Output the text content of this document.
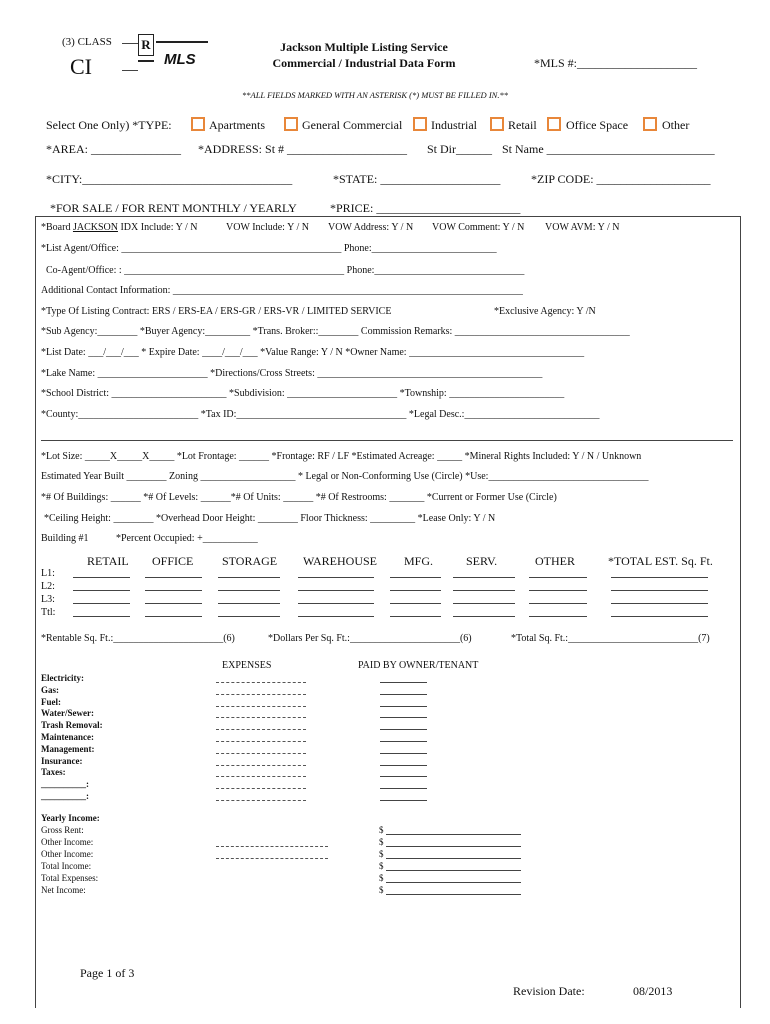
(3) CLASS
CI
R
MLS
Jackson Multiple Listing Service
Commercial / Industrial Data Form	*MLS #:____________________
**ALL FIELDS MARKED WITH AN ASTERISK (*) MUST BE FILLED IN.**
Select One Only) *TYPE:	Apartments	General Commercial Industrial	Retail Office Space	Other
*AREA: _______________ *ADDRESS: St # ____________________ St Dir______ St Name ____________________________
*CITY:___________________________________	*STATE: ____________________	*ZIP CODE: ___________________
*FOR SALE / FOR RENT MONTHLY / YEARLY	*PRICE: ________________________
*Board JACKSON IDX Include: Y / N	VOW Include: Y / N VOW Address: Y / N VOW Comment: Y / N VOW AVM: Y / N
*List Agent/Office: ____________________________________________ Phone:_________________________
Co-Agent/Office: : ____________________________________________ Phone:______________________________
Additional Contact Information: ______________________________________________________________________
*Type Of Listing Contract: ERS / ERS-EA / ERS-GR / ERS-VR / LIMITED SERVICE	*Exclusive Agency: Y /N
*Sub Agency:________ *Buyer Agency:_________ *Trans. Broker::________ Commission Remarks: ___________________________________
*List Date: ___/___/___ * Expire Date: ____/___/___ *Value Range: Y / N *Owner Name: ___________________________________
*Lake Name: ______________________ *Directions/Cross Streets: _____________________________________________
*School District: _______________________ *Subdivision: ______________________ *Township: _______________________
*County:________________________ *Tax ID:__________________________________ *Legal Desc.:___________________________
*Lot Size: _____X_____X_____ *Lot Frontage: ______ *Frontage: RF / LF *Estimated Acreage: _____ *Mineral Rights Included: Y / N / Unknown
Estimated Year Built ________ Zoning ___________________ * Legal or Non-Conforming Use (Circle) *Use:________________________________
*# Of Buildings: ______ *# Of Levels: ______*# Of Units: ______ *# Of Restrooms: _______ *Current or Former Use (Circle)
*Ceiling Height: ________ *Overhead Door Height: ________ Floor Thickness: _________ *Lease Only: Y / N
Building #1	*Percent Occupied: +___________
RETAIL OFFICE STORAGE WAREHOUSE MFG.	SERV.	OTHER	*TOTAL EST. Sq. Ft.
L1:
L2:
L3:
Ttl:
*Rentable Sq. Ft.:______________________(6)	*Dollars Per Sq. Ft.:______________________(6)	*Total Sq. Ft.:__________________________(7)
EXPENSES	PAID BY OWNER/TENANT
Electricity:
Gas:
Fuel:
Water/Sewer:
Trash Removal:
Maintenance:
Management:
Insurance:
Taxes:
__________:
__________:
Yearly Income:
Gross Rent:	$
Other Income:	$
Other Income:	$
Total Income:	$
Total Expenses:	$
Net Income:	$
Page 1 of 3
Revision Date:	08/2013
